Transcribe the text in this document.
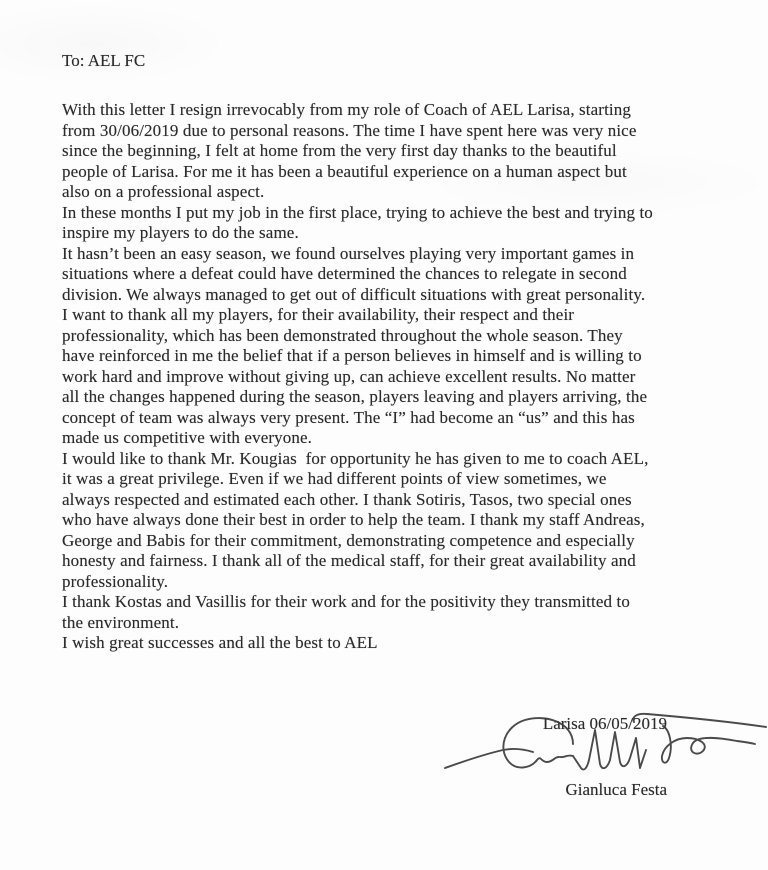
To: AEL FC
With this letter I resign irrevocably from my role of Coach of AEL Larisa, starting
from 30/06/2019 due to personal reasons. The time I have spent here was very nice
since the beginning, I felt at home from the very first day thanks to the beautiful
people of Larisa. For me it has been a beautiful experience on a human aspect but
also on a professional aspect.
In these months I put my job in the first place, trying to achieve the best and trying to
inspire my players to do the same.
It hasn’t been an easy season, we found ourselves playing very important games in
situations where a defeat could have determined the chances to relegate in second
division. We always managed to get out of difficult situations with great personality.
I want to thank all my players, for their availability, their respect and their
professionality, which has been demonstrated throughout the whole season. They
have reinforced in me the belief that if a person believes in himself and is willing to
work hard and improve without giving up, can achieve excellent results. No matter
all the changes happened during the season, players leaving and players arriving, the
concept of team was always very present. The “I” had become an “us” and this has
made us competitive with everyone.
I would like to thank Mr. Kougias  for opportunity he has given to me to coach AEL,
it was a great privilege. Even if we had different points of view sometimes, we
always respected and estimated each other. I thank Sotiris, Tasos, two special ones
who have always done their best in order to help the team. I thank my staff Andreas,
George and Babis for their commitment, demonstrating competence and especially
honesty and fairness. I thank all of the medical staff, for their great availability and
professionality.
I thank Kostas and Vasillis for their work and for the positivity they transmitted to
the environment.
I wish great successes and all the best to AEL

Larisa 06/05/2019

Gianluca Festa
